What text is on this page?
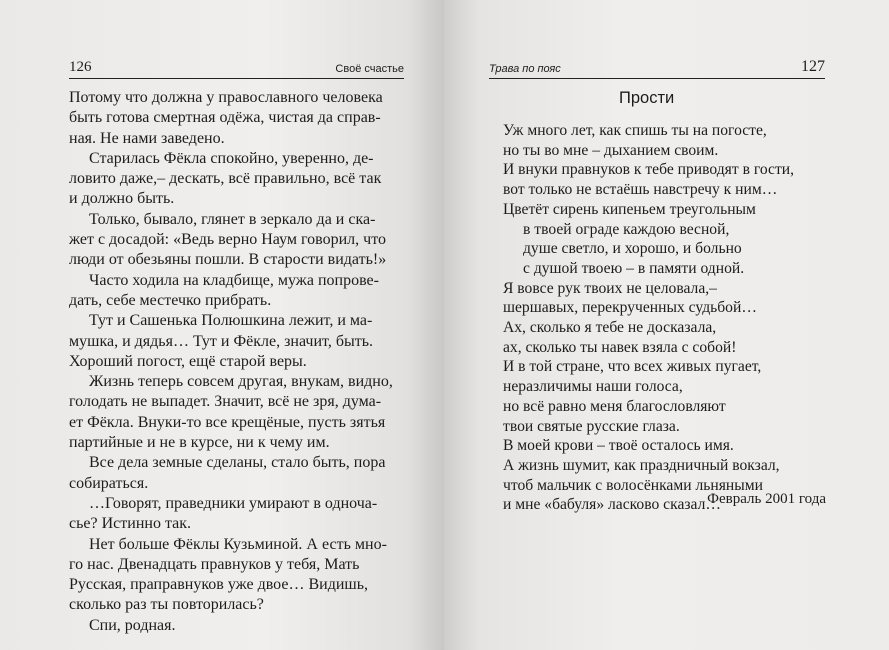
126	Своё счастье

Потому что должна у православного человека

быть готова смертная одёжа, чистая да справ-

ная. Не нами заведено.

Старилась Фёкла спокойно, уверенно, де-

ловито даже,– дескать, всё правильно, всё так

и должно быть.

Только, бывало, глянет в зеркало да и ска-

жет с досадой: «Ведь верно Наум говорил, что

люди от обезьяны пошли. В старости видать!»

Часто ходила на кладбище, мужа попрове-

дать, себе местечко прибрать.

Тут и Сашенька Полюшкина лежит, и ма-

мушка, и дядья… Тут и Фёкле, значит, быть.

Хороший погост, ещё старой веры.

Жизнь теперь совсем другая, внукам, видно,

голодать не выпадет. Значит, всё не зря, дума-

ет Фёкла. Внуки-то все крещёные, пусть зятья

партийные и не в курсе, ни к чему им.

Все дела земные сделаны, стало быть, пора

собираться.

…Говорят, праведники умирают в одноча-

сье? Истинно так.

Нет больше Фёклы Кузьминой. А есть мно-

го нас. Двенадцать правнуков у тебя, Мать

Русская, праправнуков уже двое… Видишь,

сколько раз ты повторилась?

Спи, родная.

Трава по пояс	127
Прости
Уж много лет, как спишь ты на погосте,
но ты во мне – дыханием своим.
И внуки правнуков к тебе приводят в гости,
вот только не встаёшь навстречу к ним…
Цветёт сирень кипеньем треугольным
в твоей ограде каждою весной,
душе светло, и хорошо, и больно
с душой твоею – в памяти одной.
Я вовсе рук твоих не целовала,–
шершавых, перекрученных судьбой…
Ах, сколько я тебе не досказала,
ах, сколько ты навек взяла с собой!
И в той стране, что всех живых пугает,
неразличимы наши голоса,
но всё равно меня благословляют
твои святые русские глаза.
В моей крови – твоё осталось имя.
А жизнь шумит, как праздничный вокзал,
чтоб мальчик с волосёнками льняными
и мне «бабуля» ласково сказал…
Февраль 2001 года
